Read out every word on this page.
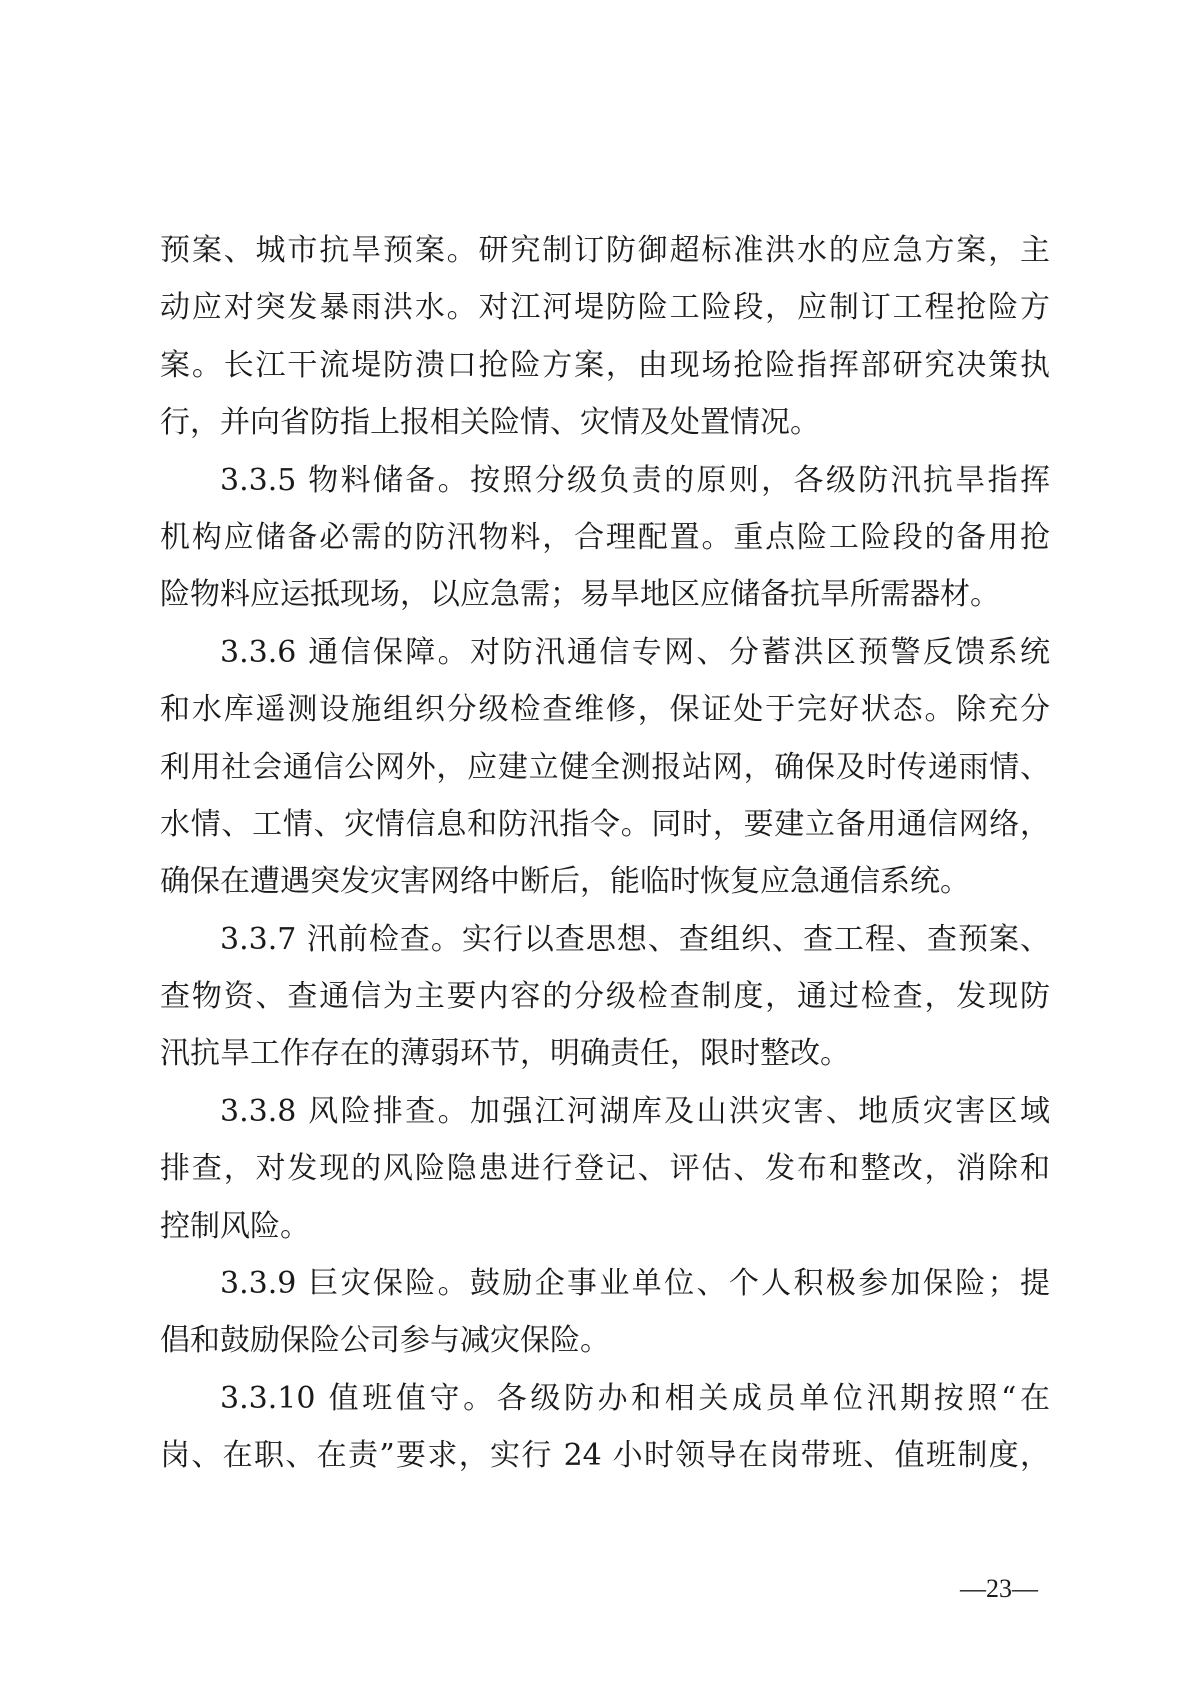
预案、城市抗旱预案。研究制订防御超标准洪水的应急方案，主
动应对突发暴雨洪水。对江河堤防险工险段，应制订工程抢险方
案。长江干流堤防溃口抢险方案，由现场抢险指挥部研究决策执
行，并向省防指上报相关险情、灾情及处置情况。
3.3.5 物料储备。按照分级负责的原则，各级防汛抗旱指挥
机构应储备必需的防汛物料，合理配置。重点险工险段的备用抢
险物料应运抵现场，以应急需；易旱地区应储备抗旱所需器材。
3.3.6 通信保障。对防汛通信专网、分蓄洪区预警反馈系统
和水库遥测设施组织分级检查维修，保证处于完好状态。除充分
利用社会通信公网外，应建立健全测报站网，确保及时传递雨情、
水情、工情、灾情信息和防汛指令。同时，要建立备用通信网络，
确保在遭遇突发灾害网络中断后，能临时恢复应急通信系统。
3.3.7 汛前检查。实行以查思想、查组织、查工程、查预案、
查物资、查通信为主要内容的分级检查制度，通过检查，发现防
汛抗旱工作存在的薄弱环节，明确责任，限时整改。
3.3.8 风险排查。加强江河湖库及山洪灾害、地质灾害区域
排查，对发现的风险隐患进行登记、评估、发布和整改，消除和
控制风险。
3.3.9 巨灾保险。鼓励企事业单位、个人积极参加保险；提
倡和鼓励保险公司参与减灾保险。
3.3.10 值班值守。各级防办和相关成员单位汛期按照“在
岗、在职、在责”要求，实行 24 小时领导在岗带班、值班制度，
—23—
